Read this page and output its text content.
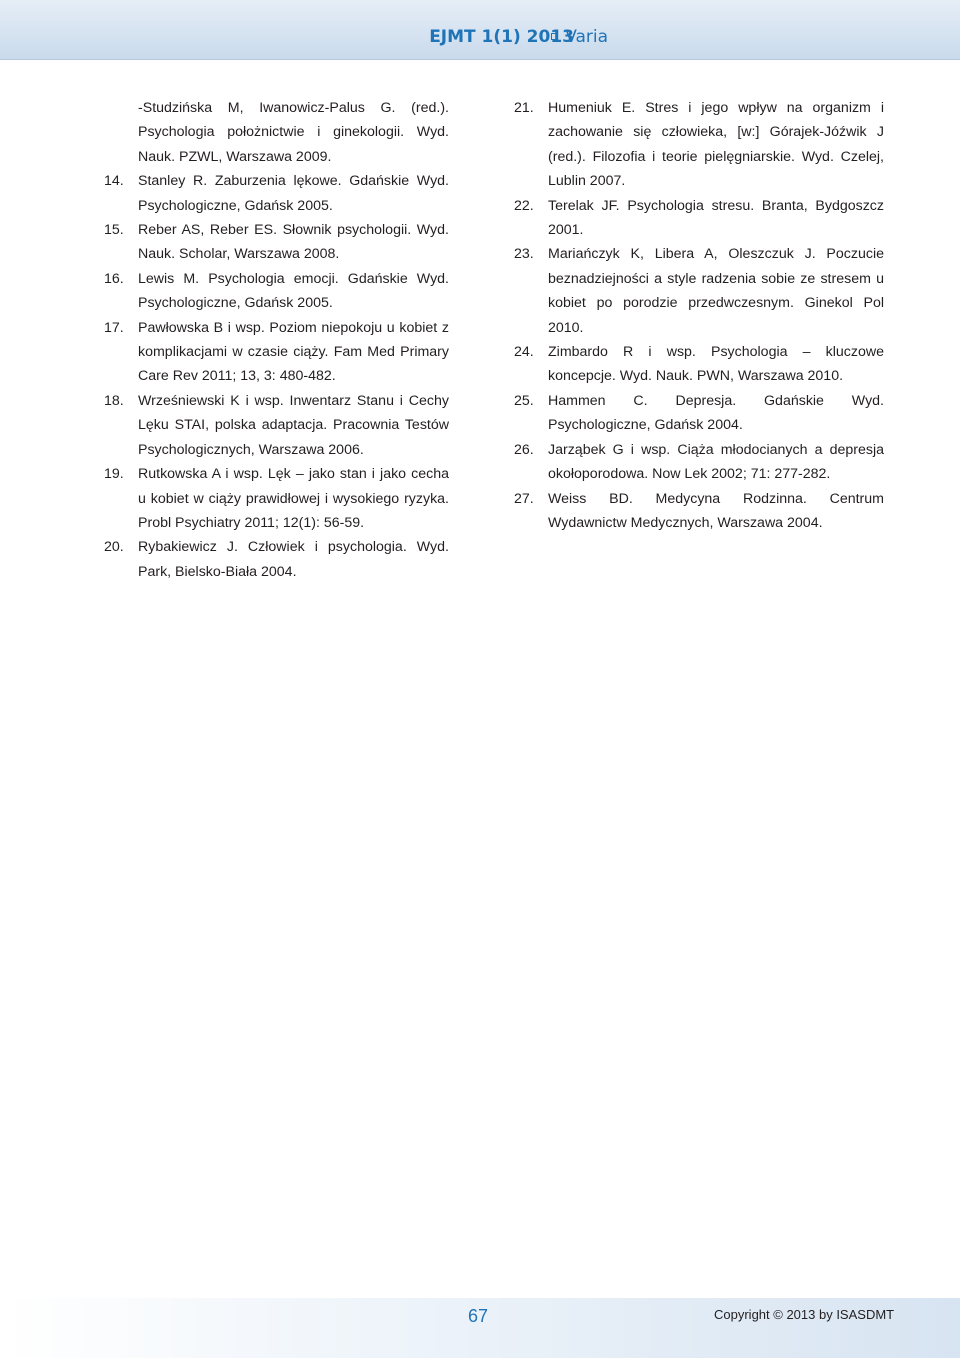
EJMT 1(1) 2013
Varia

-Studzińska M, Iwanowicz-Palus G. (red.). Psychologia położnictwie i ginekologii. Wyd. Nauk. PZWL, Warszawa 2009.

14. Stanley R. Zaburzenia lękowe. Gdańskie Wyd. Psychologiczne, Gdańsk 2005.

15. Reber AS, Reber ES. Słownik psychologii. Wyd. Nauk. Scholar, Warszawa 2008.

16. Lewis M. Psychologia emocji. Gdańskie Wyd. Psychologiczne, Gdańsk 2005.

17. Pawłowska B i wsp. Poziom niepokoju u kobiet z komplikacjami w czasie ciąży. Fam Med Primary Care Rev 2011; 13, 3: 480-482.

18. Wrześniewski K i wsp. Inwentarz Stanu i Cechy Lęku STAI, polska adaptacja. Pracownia Testów Psychologicznych, Warszawa 2006.

19. Rutkowska A i wsp. Lęk – jako stan i jako cecha u kobiet w ciąży prawidłowej i wysokiego ryzyka. Probl Psychiatry 2011; 12(1): 56-59.

20. Rybakiewicz J. Człowiek i psychologia. Wyd. Park, Bielsko-Biała 2004.

21. Humeniuk E. Stres i jego wpływ na organizm i zachowanie się człowieka, [w:] Górajek-Jóźwik J (red.). Filozofia i teorie pielęgniarskie. Wyd. Czelej, Lublin 2007.

22. Terelak JF. Psychologia stresu. Branta, Bydgoszcz 2001.

23. Mariańczyk K, Libera A, Oleszczuk J. Poczucie beznadziejności a style radzenia sobie ze stresem u kobiet po porodzie przedwczesnym. Ginekol Pol 2010.

24. Zimbardo R i wsp. Psychologia – kluczowe koncepcje. Wyd. Nauk. PWN, Warszawa 2010.

25. Hammen C. Depresja. Gdańskie Wyd. Psychologiczne, Gdańsk 2004.

26. Jarząbek G i wsp. Ciąża młodocianych a depresja okołoporodowa. Now Lek 2002; 71: 277-282.

27. Weiss BD. Medycyna Rodzinna. Centrum Wydawnictw Medycznych, Warszawa 2004.

67	Copyright © 2013 by ISASDMT
